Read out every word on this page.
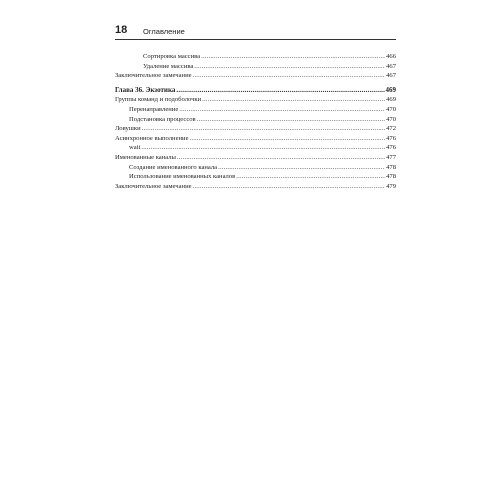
18 Оглавление
Сортировка массива .....	466
Удаление массива .....	467
Заключительное замечание .....	467
Глава 36. Экзотика .....	469
Группы команд и подоболочки .....	469
Перенаправление .....	470
Подстановка процессов .....	470
Ловушки .....	472
Асинхронное выполнение .....	476
wait .....	476
Именованные каналы .....	477
Создание именованного канала .....	478
Использование именованных каналов .....	478
Заключительное замечание .....	479
